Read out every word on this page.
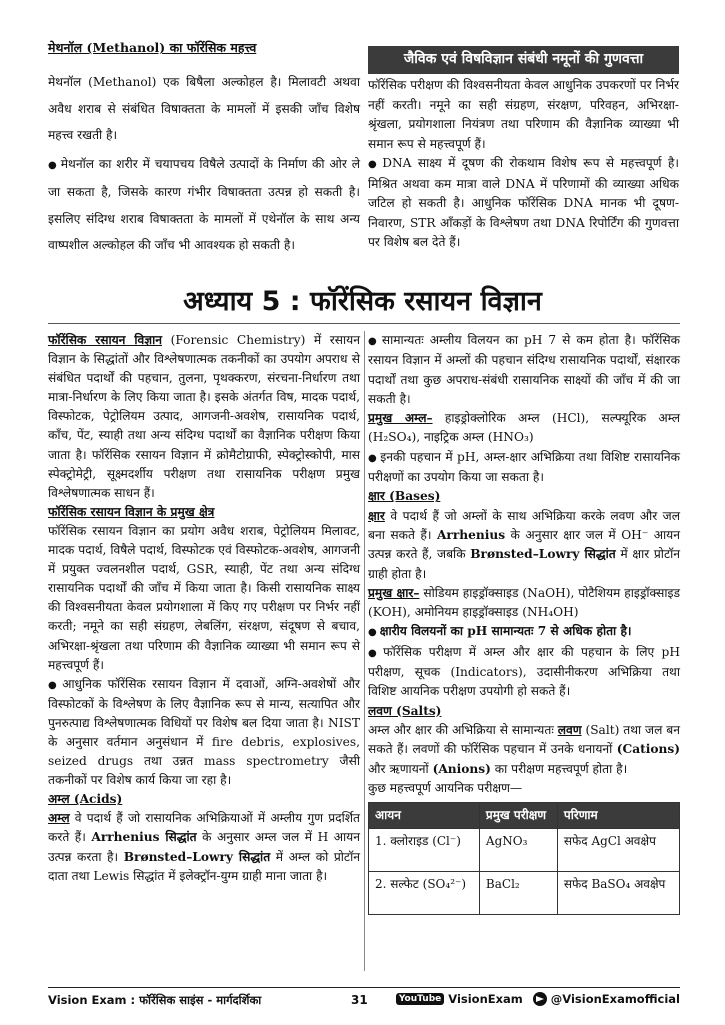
मेथनॉल (Methanol) का फॉरेंसिक महत्त्व

मेथनॉल (Methanol) एक बिषैला अल्कोहल है। मिलावटी अथवा अवैध शराब से संबंधित विषाक्तता के मामलों में इसकी जाँच विशेष महत्त्व रखती है।

● मेथनॉल का शरीर में चयापचय विषैले उत्पादों के निर्माण की ओर ले जा सकता है, जिसके कारण गंभीर विषाक्तता उत्पन्न हो सकती है। इसलिए संदिग्ध शराब विषाक्तता के मामलों में एथेनॉल के साथ अन्य वाष्पशील अल्कोहल की जाँच भी आवश्यक हो सकती है।

जैविक एवं विषविज्ञान संबंधी नमूनों की गुणवत्ता

फॉरेंसिक परीक्षण की विश्वसनीयता केवल आधुनिक उपकरणों पर निर्भर नहीं करती। नमूने का सही संग्रहण, संरक्षण, परिवहन, अभिरक्षा-श्रृंखला, प्रयोगशाला नियंत्रण तथा परिणाम की वैज्ञानिक व्याख्या भी समान रूप से महत्त्वपूर्ण हैं।

● DNA साक्ष्य में दूषण की रोकथाम विशेष रूप से महत्त्वपूर्ण है। मिश्रित अथवा कम मात्रा वाले DNA में परिणामों की व्याख्या अधिक जटिल हो सकती है। आधुनिक फॉरेंसिक DNA मानक भी दूषण-निवारण, STR आँकड़ों के विश्लेषण तथा DNA रिपोर्टिंग की गुणवत्ता पर विशेष बल देते हैं।

अध्याय 5 : फॉरेंसिक रसायन विज्ञान

फॉरेंसिक रसायन विज्ञान (Forensic Chemistry) में रसायन विज्ञान के सिद्धांतों और विश्लेषणात्मक तकनीकों का उपयोग अपराध से संबंधित पदार्थों की पहचान, तुलना, पृथक्करण, संरचना-निर्धारण तथा मात्रा-निर्धारण के लिए किया जाता है। इसके अंतर्गत विष, मादक पदार्थ, विस्फोटक, पेट्रोलियम उत्पाद, आगजनी-अवशेष, रासायनिक पदार्थ, काँच, पेंट, स्याही तथा अन्य संदिग्ध पदार्थों का वैज्ञानिक परीक्षण किया जाता है। फॉरेंसिक रसायन विज्ञान में क्रोमैटोग्राफी, स्पेक्ट्रोस्कोपी, मास स्पेक्ट्रोमेट्री, सूक्ष्मदर्शीय परीक्षण तथा रासायनिक परीक्षण प्रमुख विश्लेषणात्मक साधन हैं।

फॉरेंसिक रसायन विज्ञान के प्रमुख क्षेत्र

फॉरेंसिक रसायन विज्ञान का प्रयोग अवैध शराब, पेट्रोलियम मिलावट, मादक पदार्थ, विषैले पदार्थ, विस्फोटक एवं विस्फोटक-अवशेष, आगजनी में प्रयुक्त ज्वलनशील पदार्थ, GSR, स्याही, पेंट तथा अन्य संदिग्ध रासायनिक पदार्थों की जाँच में किया जाता है। किसी रासायनिक साक्ष्य की विश्वसनीयता केवल प्रयोगशाला में किए गए परीक्षण पर निर्भर नहीं करती; नमूने का सही संग्रहण, लेबलिंग, संरक्षण, संदूषण से बचाव, अभिरक्षा-श्रृंखला तथा परिणाम की वैज्ञानिक व्याख्या भी समान रूप से महत्त्वपूर्ण हैं।

● आधुनिक फॉरेंसिक रसायन विज्ञान में दवाओं, अग्नि-अवशेषों और विस्फोटकों के विश्लेषण के लिए वैज्ञानिक रूप से मान्य, सत्यापित और पुनरुत्पाद्य विश्लेषणात्मक विधियों पर विशेष बल दिया जाता है। NIST के अनुसार वर्तमान अनुसंधान में fire debris, explosives, seized drugs तथा उन्नत mass spectrometry जैसी तकनीकों पर विशेष कार्य किया जा रहा है।

अम्ल (Acids)

अम्ल वे पदार्थ हैं जो रासायनिक अभिक्रियाओं में अम्लीय गुण प्रदर्शित करते हैं। Arrhenius सिद्धांत के अनुसार अम्ल जल में H आयन उत्पन्न करता है। Brønsted–Lowry सिद्धांत में अम्ल को प्रोटॉन दाता तथा Lewis सिद्धांत में इलेक्ट्रॉन-युग्म ग्राही माना जाता है।

● सामान्यतः अम्लीय विलयन का pH 7 से कम होता है। फॉरेंसिक रसायन विज्ञान में अम्लों की पहचान संदिग्ध रासायनिक पदार्थों, संक्षारक पदार्थों तथा कुछ अपराध-संबंधी रासायनिक साक्ष्यों की जाँच में की जा सकती है।

प्रमुख अम्ल– हाइड्रोक्लोरिक अम्ल (HCl), सल्फ्यूरिक अम्ल (H₂SO₄), नाइट्रिक अम्ल (HNO₃)

● इनकी पहचान में pH, अम्ल-क्षार अभिक्रिया तथा विशिष्ट रासायनिक परीक्षणों का उपयोग किया जा सकता है।

क्षार (Bases)

क्षार वे पदार्थ हैं जो अम्लों के साथ अभिक्रिया करके लवण और जल बना सकते हैं। Arrhenius के अनुसार क्षार जल में OH⁻ आयन उत्पन्न करते हैं, जबकि Brønsted–Lowry सिद्धांत में क्षार प्रोटॉन ग्राही होता है।

प्रमुख क्षार– सोडियम हाइड्रॉक्साइड (NaOH), पोटैशियम हाइड्रॉक्साइड (KOH), अमोनियम हाइड्रॉक्साइड (NH₄OH)

● क्षारीय विलयनों का pH सामान्यतः 7 से अधिक होता है।

● फॉरेंसिक परीक्षण में अम्ल और क्षार की पहचान के लिए pH परीक्षण, सूचक (Indicators), उदासीनीकरण अभिक्रिया तथा विशिष्ट आयनिक परीक्षण उपयोगी हो सकते हैं।

लवण (Salts)

अम्ल और क्षार की अभिक्रिया से सामान्यतः लवण (Salt) तथा जल बन सकते हैं। लवणों की फॉरेंसिक पहचान में उनके धनायनों (Cations) और ऋणायनों (Anions) का परीक्षण महत्त्वपूर्ण होता है।

कुछ महत्त्वपूर्ण आयनिक परीक्षण—

आयन	प्रमुख परीक्षण	परिणाम
1. क्लोराइड (Cl⁻)	AgNO₃	सफेद AgCl अवक्षेप
2. सल्फेट (SO₄²⁻)	BaCl₂	सफेद BaSO₄ अवक्षेप
Vision Exam : फॉरेंसिक साइंस - मार्गदर्शिका	31	YouTube VisionExam @VisionExamofficial
